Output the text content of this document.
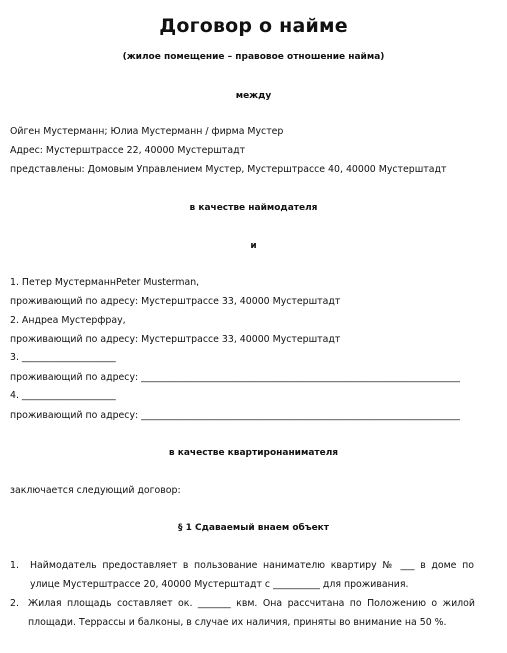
Договор о найме
(жилое помещение – правовое отношение найма)
между
Ойген Мустерманн; Юлиа Мустерманн / фирма Мустер
Адрес: Мустерштрассе 22, 40000 Мустерштадт
представлены: Домовым Управлением Мустер, Мустерштрассе 40, 40000 Мустерштадт
в качестве наймодателя
и
1. Петер МустерманнPeter Musterman,
проживающий по адресу: Мустерштрассе 33, 40000 Мустерштадт
2. Андреа Мустерфрау,
проживающий по адресу: Мустерштрассе 33, 40000 Мустерштадт
3. ____________________
проживающий по адресу: ____________________________________________________________________
4. ____________________
проживающий по адресу: ____________________________________________________________________
в качестве квартиронанимателя
заключается следующий договор:
§ 1 Сдаваемый внаем объект
1. Наймодатель предоставляет в пользование нанимателю квартиру № ___ в доме по
улице Мустерштрассе 20, 40000 Мустерштадт с __________ для проживания.
2. Жилая площадь составляет ок. _______ квм. Она рассчитана по Положению о жилой
площади. Террассы и балконы, в случае их наличия, приняты во внимание на 50 %.
